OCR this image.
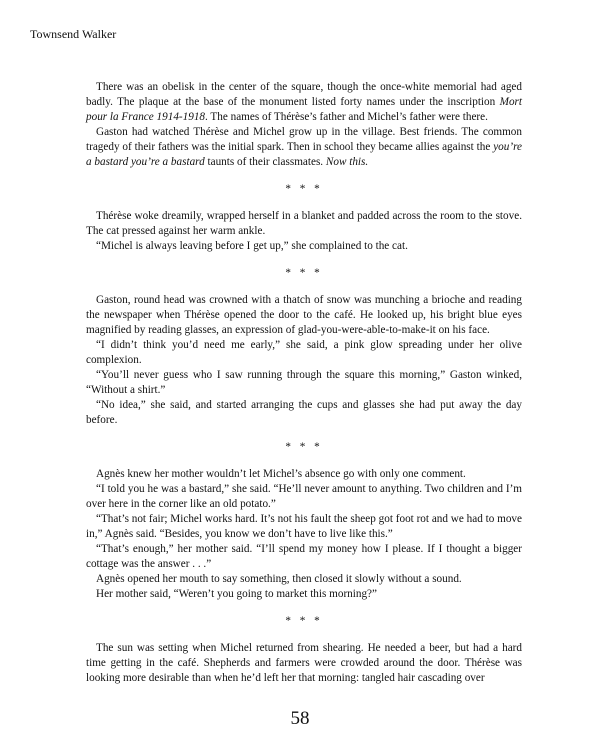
Townsend Walker

There was an obelisk in the center of the square, though the once-white memorial had aged badly. The plaque at the base of the monument listed forty names under the inscription Mort pour la France 1914-1918. The names of Thérèse’s father and Michel’s father were there.

Gaston had watched Thérèse and Michel grow up in the village. Best friends. The common tragedy of their fathers was the initial spark. Then in school they became allies against the you’re a bastard you’re a bastard taunts of their classmates. Now this.

* * *

Thérèse woke dreamily, wrapped herself in a blanket and padded across the room to the stove. The cat pressed against her warm ankle.

“Michel is always leaving before I get up,” she complained to the cat.

* * *

Gaston, round head was crowned with a thatch of snow was munching a brioche and reading the newspaper when Thérèse opened the door to the café. He looked up, his bright blue eyes magnified by reading glasses, an expression of glad-you-were-able-to-make-it on his face.

“I didn’t think you’d need me early,” she said, a pink glow spreading under her olive complexion.

“You’ll never guess who I saw running through the square this morning,” Gaston winked, “Without a shirt.”

“No idea,” she said, and started arranging the cups and glasses she had put away the day before.

* * *

Agnès knew her mother wouldn’t let Michel’s absence go with only one comment.

“I told you he was a bastard,” she said. “He’ll never amount to anything. Two children and I’m over here in the corner like an old potato.”

“That’s not fair; Michel works hard. It’s not his fault the sheep got foot rot and we had to move in,” Agnès said. “Besides, you know we don’t have to live like this.”

“That’s enough,” her mother said. “I’ll spend my money how I please. If I thought a bigger cottage was the answer . . .”

Agnès opened her mouth to say something, then closed it slowly without a sound.

Her mother said, “Weren’t you going to market this morning?”

* * *

The sun was setting when Michel returned from shearing. He needed a beer, but had a hard time getting in the café. Shepherds and farmers were crowded around the door. Thérèse was looking more desirable than when he’d left her that morning: tangled hair cascading over

58
